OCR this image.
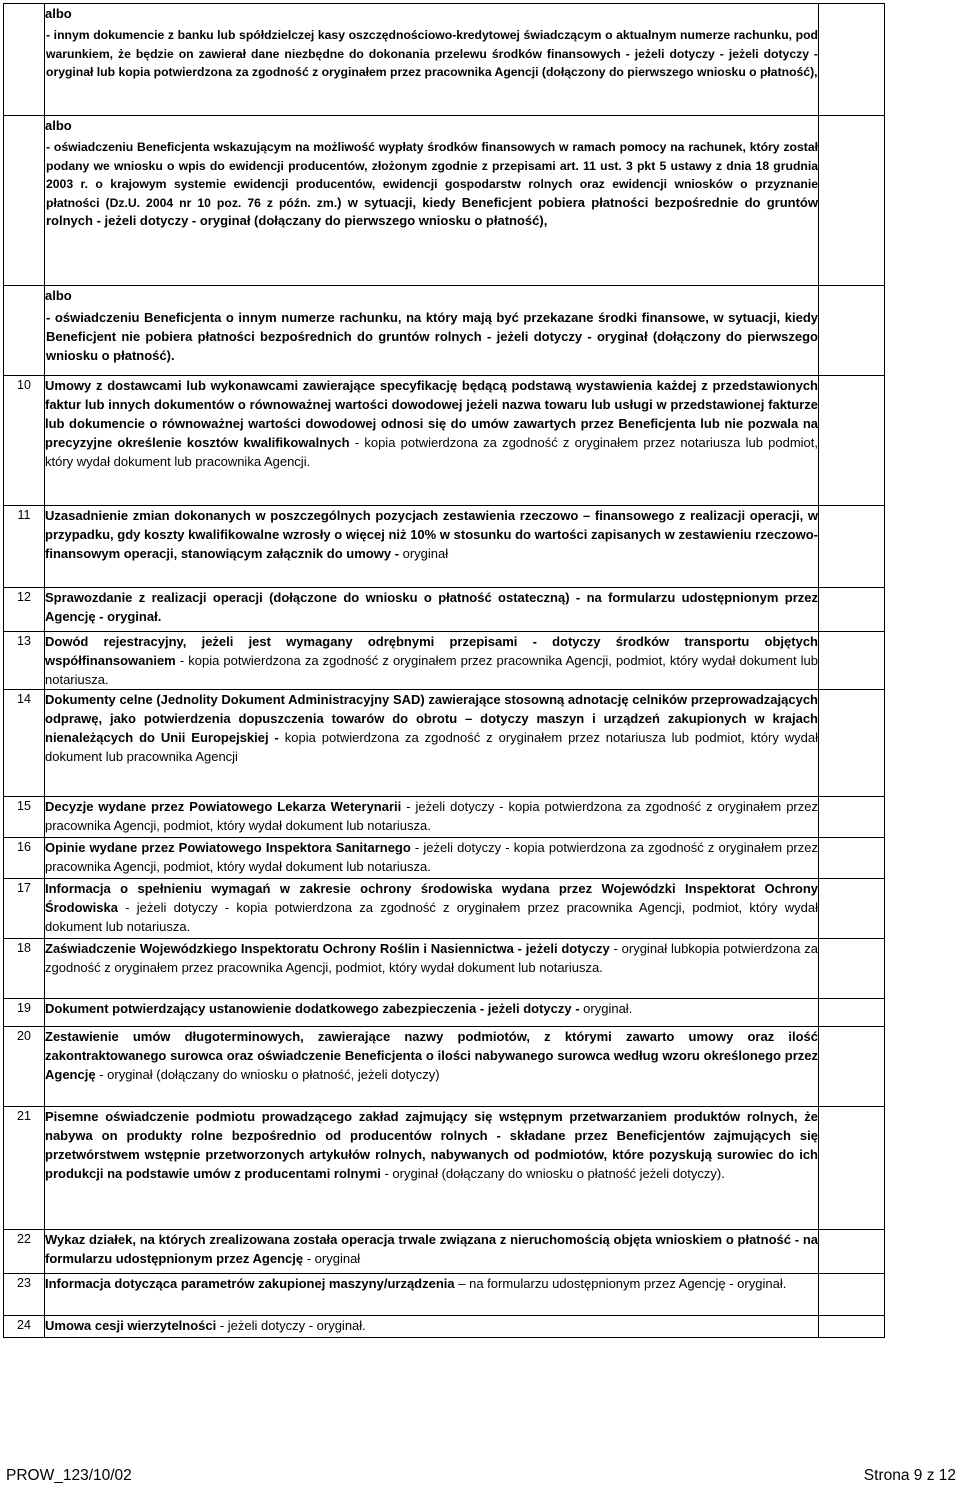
	albo
- innym dokumencie z banku lub spółdzielczej kasy oszczędnościowo-kredytowej świadczącym o aktualnym numerze rachunku, pod warunkiem, że będzie on zawierał dane niezbędne do dokonania przelewu środków finansowych - jeżeli dotyczy - jeżeli dotyczy - oryginał lub kopia potwierdzona za zgodność z oryginałem przez pracownika Agencji (dołączony do pierwszego wniosku o płatność),	

	albo
- oświadczeniu Beneficjenta wskazującym na możliwość wypłaty środków finansowych w ramach pomocy na rachunek, który został podany we wniosku o wpis do ewidencji producentów, złożonym zgodnie z przepisami art. 11 ust. 3 pkt 5 ustawy z dnia 18 grudnia 2003 r. o krajowym systemie ewidencji producentów, ewidencji gospodarstw rolnych oraz ewidencji wniosków o przyznanie płatności (Dz.U. 2004 nr 10 poz. 76 z późn. zm.) w sytuacji, kiedy Beneficjent pobiera płatności bezpośrednie do gruntów rolnych - jeżeli dotyczy - oryginał (dołączany do pierwszego wniosku o płatność),	

	albo
- oświadczeniu Beneficjenta o innym numerze rachunku, na który mają być przekazane środki finansowe, w sytuacji, kiedy Beneficjent nie pobiera płatności bezpośrednich do gruntów rolnych - jeżeli dotyczy - oryginał (dołączony do pierwszego wniosku o płatność).	

10	Umowy z dostawcami lub wykonawcami zawierające specyfikację będącą podstawą wystawienia każdej z przedstawionych faktur lub innych dokumentów o równoważnej wartości dowodowej jeżeli nazwa towaru lub usługi w przedstawionej fakturze lub dokumencie o równoważnej wartości dowodowej odnosi się do umów zawartych przez Beneficjenta lub nie pozwala na precyzyjne określenie kosztów kwalifikowalnych - kopia potwierdzona za zgodność z oryginałem przez notariusza lub podmiot, który wydał dokument lub pracownika Agencji.	

11	Uzasadnienie zmian dokonanych w poszczególnych pozycjach zestawienia rzeczowo – finansowego z realizacji operacji, w przypadku, gdy koszty kwalifikowalne wzrosły o więcej niż 10% w stosunku do wartości zapisanych w zestawieniu rzeczowo-finansowym operacji, stanowiącym załącznik do umowy - oryginał	

12	Sprawozdanie z realizacji operacji (dołączone do wniosku o płatność ostateczną) - na formularzu udostępnionym przez Agencję - oryginał.	

13	Dowód rejestracyjny, jeżeli jest wymagany odrębnymi przepisami - dotyczy środków transportu objętych współfinansowaniem - kopia potwierdzona za zgodność z oryginałem przez pracownika Agencji, podmiot, który wydał dokument lub notariusza.	

14	Dokumenty celne (Jednolity Dokument Administracyjny SAD) zawierające stosowną adnotację celników przeprowadzających odprawę, jako potwierdzenia dopuszczenia towarów do obrotu – dotyczy maszyn i urządzeń zakupionych w krajach nienależących do Unii Europejskiej - kopia potwierdzona za zgodność z oryginałem przez notariusza lub podmiot, który wydał dokument lub pracownika Agencji	

15	Decyzje wydane przez Powiatowego Lekarza Weterynarii - jeżeli dotyczy - kopia potwierdzona za zgodność z oryginałem przez pracownika Agencji, podmiot, który wydał dokument lub notariusza.	

16	Opinie wydane przez Powiatowego Inspektora Sanitarnego - jeżeli dotyczy - kopia potwierdzona za zgodność z oryginałem przez pracownika Agencji, podmiot, który wydał dokument lub notariusza.	

17	Informacja o spełnieniu wymagań w zakresie ochrony środowiska wydana przez Wojewódzki Inspektorat Ochrony Środowiska - jeżeli dotyczy - kopia potwierdzona za zgodność z oryginałem przez pracownika Agencji, podmiot, który wydał dokument lub notariusza.	

18	Zaświadczenie Wojewódzkiego Inspektoratu Ochrony Roślin i Nasiennictwa - jeżeli dotyczy - oryginał lubkopia potwierdzona za zgodność z oryginałem przez pracownika Agencji, podmiot, który wydał dokument lub notariusza.	

19	Dokument potwierdzający ustanowienie dodatkowego zabezpieczenia - jeżeli dotyczy - oryginał.	

20	Zestawienie umów długoterminowych, zawierające nazwy podmiotów, z którymi zawarto umowy oraz ilość zakontraktowanego surowca oraz oświadczenie Beneficjenta o ilości nabywanego surowca według wzoru określonego przez Agencję - oryginał (dołączany do wniosku o płatność, jeżeli dotyczy)	

21	Pisemne oświadczenie podmiotu prowadzącego zakład zajmujący się wstępnym przetwarzaniem produktów rolnych, że nabywa on produkty rolne bezpośrednio od producentów rolnych - składane przez Beneficjentów zajmujących się przetwórstwem wstępnie przetworzonych artykułów rolnych, nabywanych od podmiotów, które pozyskują surowiec do ich produkcji na podstawie umów z producentami rolnymi - oryginał (dołączany do wniosku o płatność jeżeli dotyczy).	

22	Wykaz działek, na których zrealizowana została operacja trwale związana z nieruchomością objęta wnioskiem o płatność - na formularzu udostępnionym przez Agencję - oryginał	

23	Informacja dotycząca parametrów zakupionej maszyny/urządzenia – na formularzu udostępnionym przez Agencję - oryginał.	

24	Umowa cesji wierzytelności - jeżeli dotyczy - oryginał.	

PROW_123/10/02	Strona 9 z 12
